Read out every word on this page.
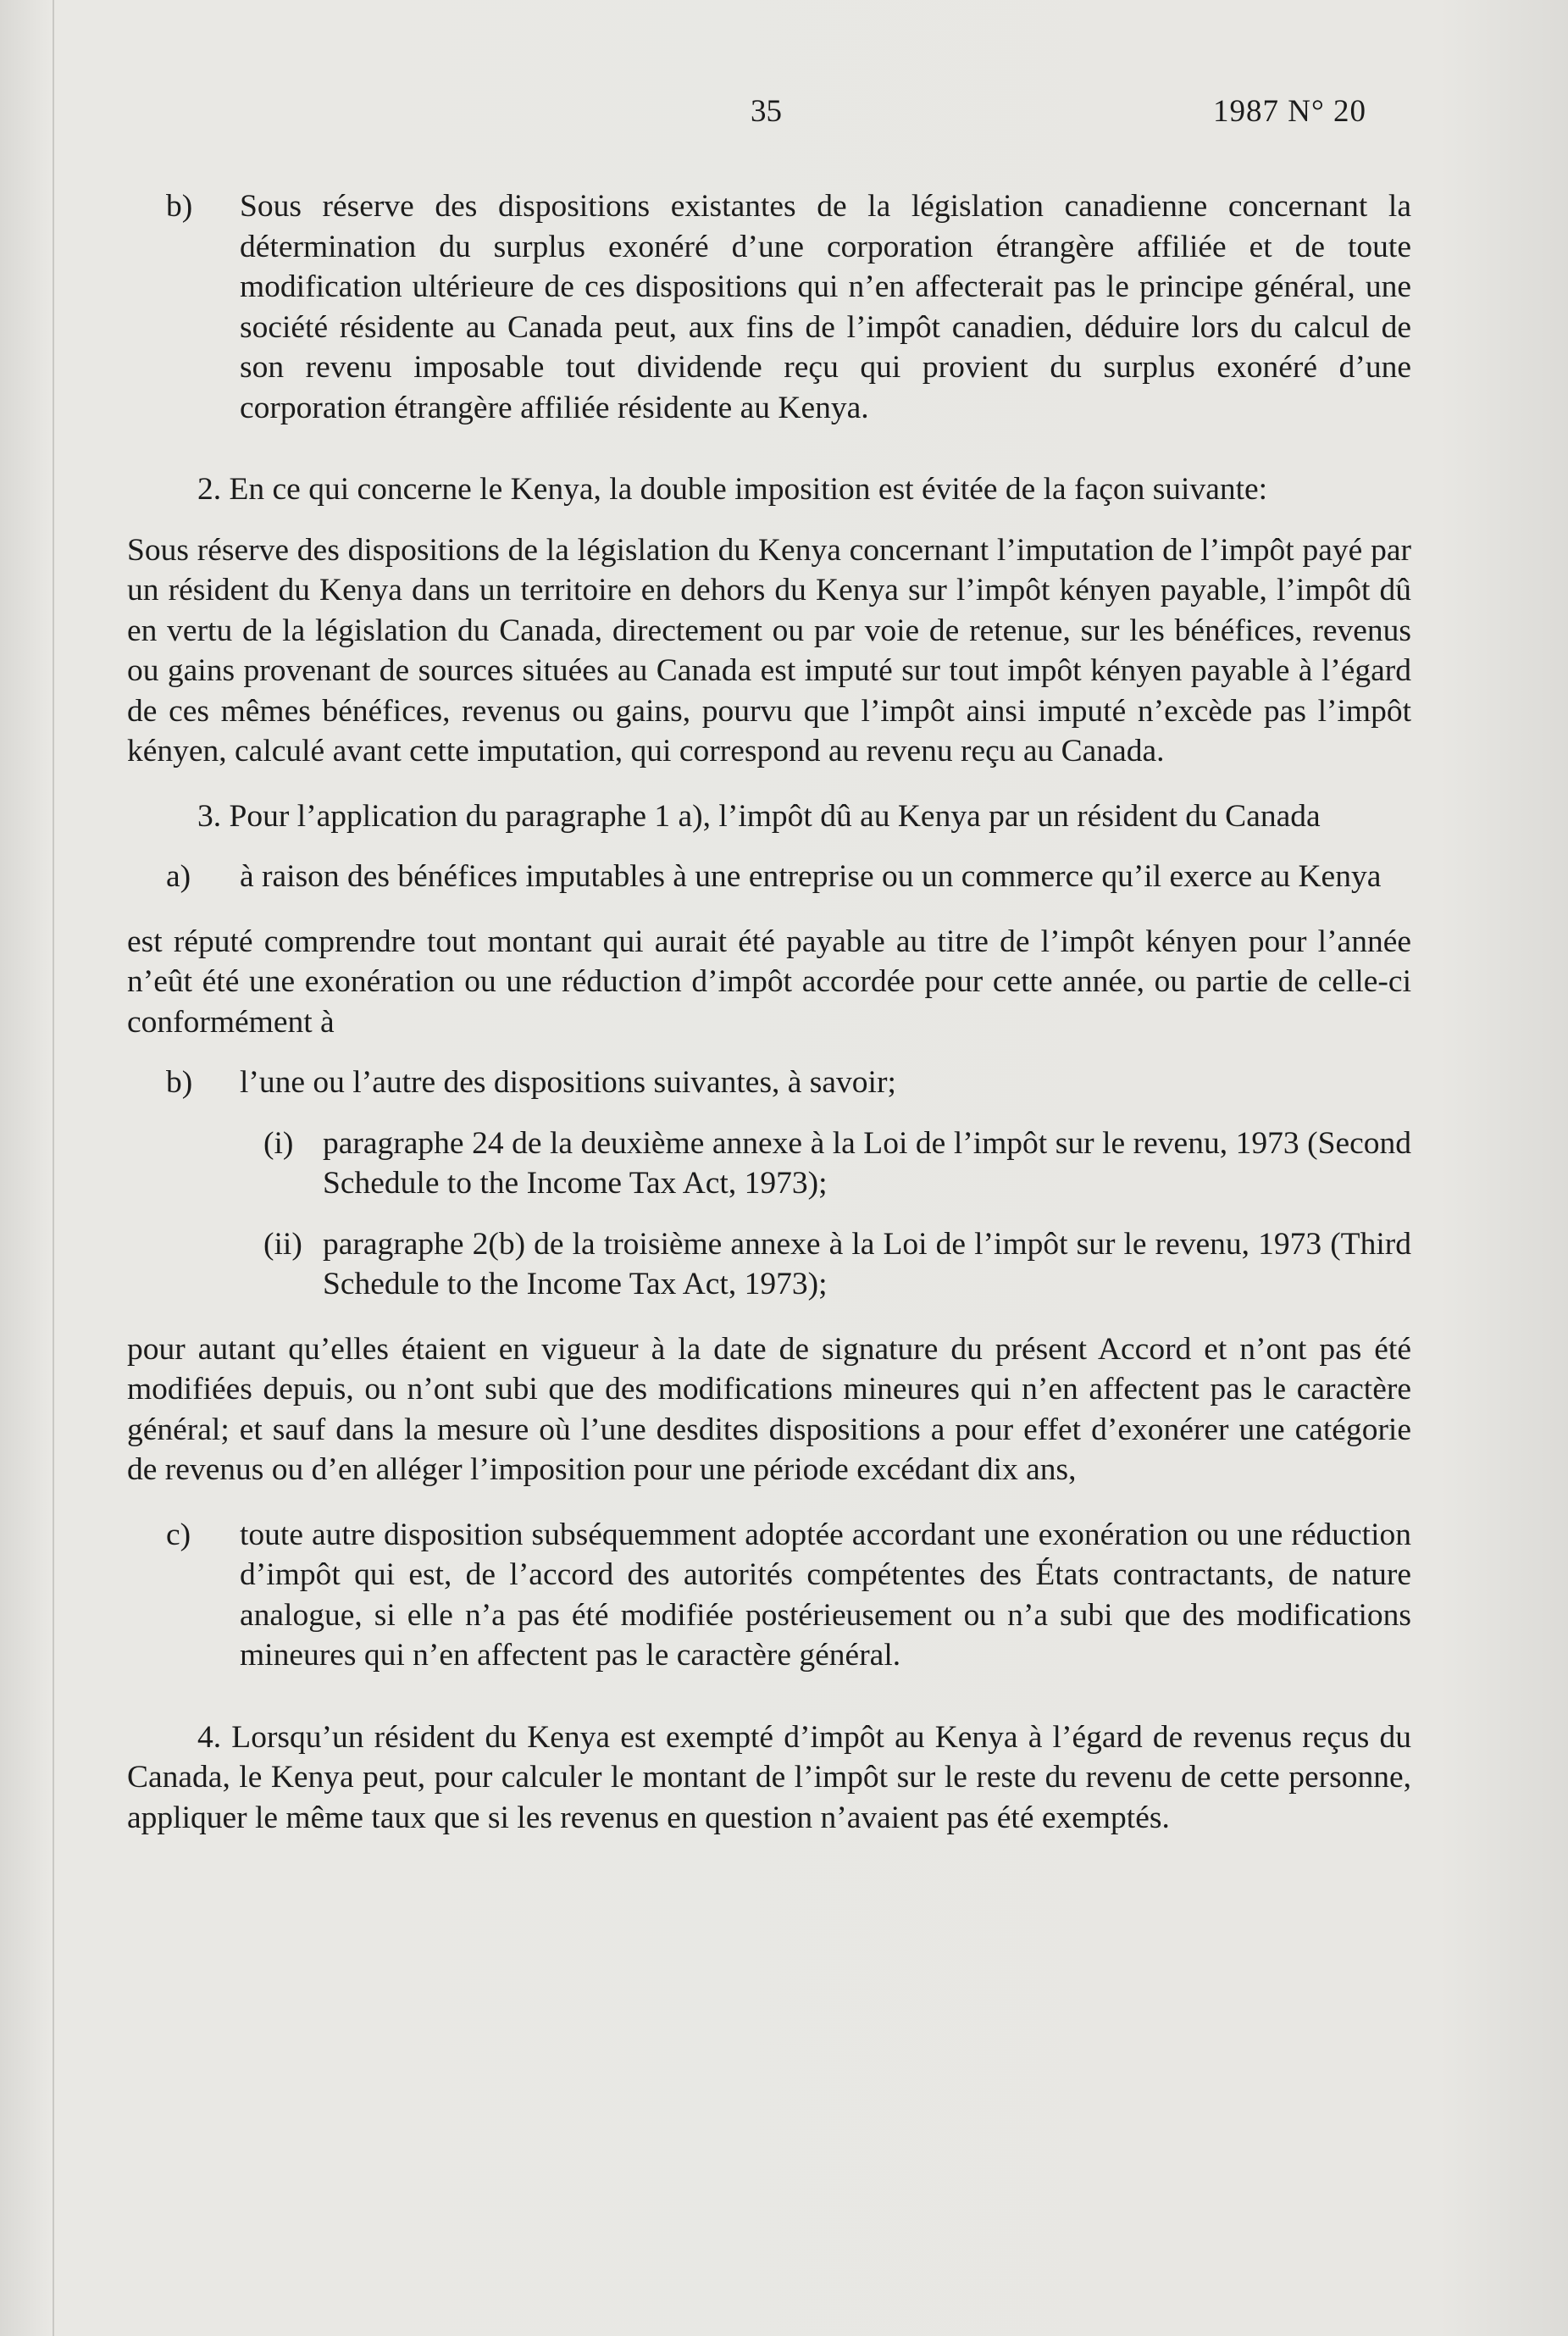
35	1987 N° 20
b) Sous réserve des dispositions existantes de la législation canadienne concernant la détermination du surplus exonéré d’une corporation étrangère affiliée et de toute modification ultérieure de ces dispositions qui n’en affecterait pas le principe général, une société résidente au Canada peut, aux fins de l’impôt canadien, déduire lors du calcul de son revenu imposable tout dividende reçu qui provient du surplus exonéré d’une corporation étrangère affiliée résidente au Kenya.

2. En ce qui concerne le Kenya, la double imposition est évitée de la façon suivante:

Sous réserve des dispositions de la législation du Kenya concernant l’imputation de l’impôt payé par un résident du Kenya dans un territoire en dehors du Kenya sur l’impôt kényen payable, l’impôt dû en vertu de la législation du Canada, directement ou par voie de retenue, sur les bénéfices, revenus ou gains provenant de sources situées au Canada est imputé sur tout impôt kényen payable à l’égard de ces mêmes bénéfices, revenus ou gains, pourvu que l’impôt ainsi imputé n’excède pas l’impôt kényen, calculé avant cette imputation, qui correspond au revenu reçu au Canada.

3. Pour l’application du paragraphe 1 a), l’impôt dû au Kenya par un résident du Canada

a) à raison des bénéfices imputables à une entreprise ou un commerce qu’il exerce au Kenya

est réputé comprendre tout montant qui aurait été payable au titre de l’impôt kényen pour l’année n’eût été une exonération ou une réduction d’impôt accordée pour cette année, ou partie de celle-ci conformément à

b) l’une ou l’autre des dispositions suivantes, à savoir;

(i) paragraphe 24 de la deuxième annexe à la Loi de l’impôt sur le revenu, 1973 (Second Schedule to the Income Tax Act, 1973);

(ii) paragraphe 2(b) de la troisième annexe à la Loi de l’impôt sur le revenu, 1973 (Third Schedule to the Income Tax Act, 1973);

pour autant qu’elles étaient en vigueur à la date de signature du présent Accord et n’ont pas été modifiées depuis, ou n’ont subi que des modifications mineures qui n’en affectent pas le caractère général; et sauf dans la mesure où l’une desdites dispositions a pour effet d’exonérer une catégorie de revenus ou d’en alléger l’imposition pour une période excédant dix ans,

c) toute autre disposition subséquemment adoptée accordant une exonération ou une réduction d’impôt qui est, de l’accord des autorités compétentes des États contractants, de nature analogue, si elle n’a pas été modifiée postérieusement ou n’a subi que des modifications mineures qui n’en affectent pas le caractère général.

4. Lorsqu’un résident du Kenya est exempté d’impôt au Kenya à l’égard de revenus reçus du Canada, le Kenya peut, pour calculer le montant de l’impôt sur le reste du revenu de cette personne, appliquer le même taux que si les revenus en question n’avaient pas été exemptés.
